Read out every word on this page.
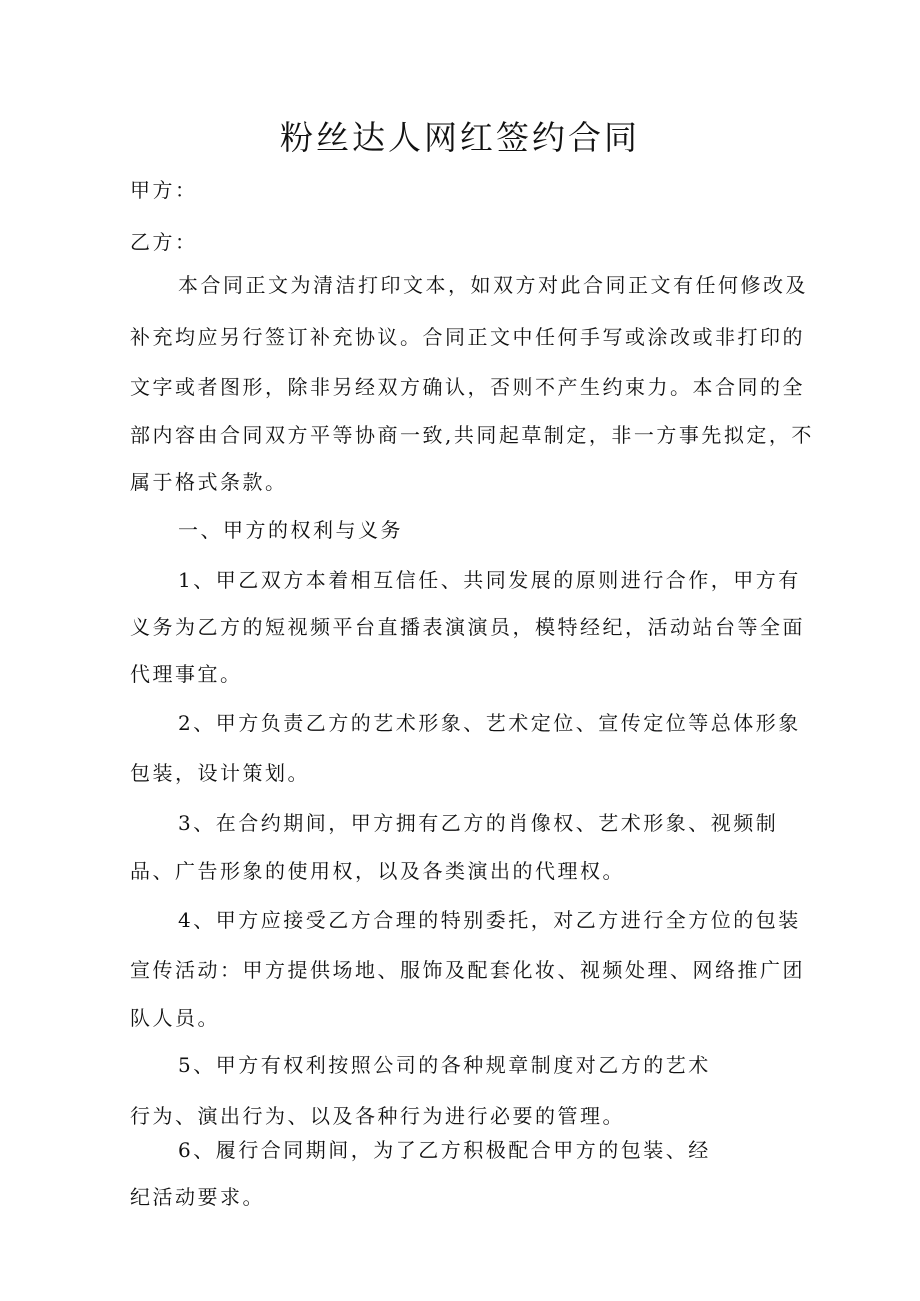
粉丝达人网红签约合同

甲方：

乙方：

本合同正文为清洁打印文本，如双方对此合同正文有任何修改及

补充均应另行签订补充协议。合同正文中任何手写或涂改或非打印的

文字或者图形，除非另经双方确认，否则不产生约束力。本合同的全

部内容由合同双方平等协商一致,共同起草制定，非一方事先拟定，不

属于格式条款。

一、甲方的权利与义务

1、甲乙双方本着相互信任、共同发展的原则进行合作，甲方有

义务为乙方的短视频平台直播表演演员，模特经纪，活动站台等全面

代理事宜。

2、甲方负责乙方的艺术形象、艺术定位、宣传定位等总体形象

包装，设计策划。

3、在合约期间，甲方拥有乙方的肖像权、艺术形象、视频制

品、广告形象的使用权，以及各类演出的代理权。

4、甲方应接受乙方合理的特别委托，对乙方进行全方位的包装

宣传活动：甲方提供场地、服饰及配套化妆、视频处理、网络推广团

队人员。

5、甲方有权利按照公司的各种规章制度对乙方的艺术

行为、演出行为、以及各种行为进行必要的管理。

6、履行合同期间，为了乙方积极配合甲方的包装、经

纪活动要求。
